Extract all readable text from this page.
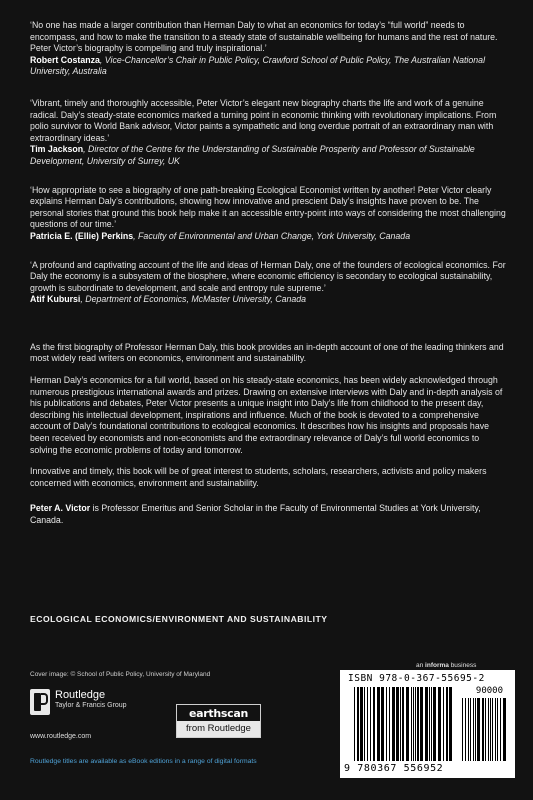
‘No one has made a larger contribution than Herman Daly to what an economics for today’s “full world” needs to encompass, and how to make the transition to a steady state of sustainable wellbeing for humans and the rest of nature. Peter Victor’s biography is compelling and truly inspirational.’
Robert Costanza, Vice-Chancellor’s Chair in Public Policy, Crawford School of Public Policy, The Australian National University, Australia

‘Vibrant, timely and thoroughly accessible, Peter Victor’s elegant new biography charts the life and work of a genuine radical. Daly’s steady-state economics marked a turning point in economic thinking with revolutionary implications. From polio survivor to World Bank advisor, Victor paints a sympathetic and long overdue portrait of an extraordinary man with extraordinary ideas.’
Tim Jackson, Director of the Centre for the Understanding of Sustainable Prosperity and Professor of Sustainable Development, University of Surrey, UK

‘How appropriate to see a biography of one path-breaking Ecological Economist written by another! Peter Victor clearly explains Herman Daly’s contributions, showing how innovative and prescient Daly’s insights have proven to be. The personal stories that ground this book help make it an accessible entry-point into ways of considering the most challenging questions of our time.’
Patricia E. (Ellie) Perkins, Faculty of Environmental and Urban Change, York University, Canada

‘A profound and captivating account of the life and ideas of Herman Daly, one of the founders of ecological economics. For Daly the economy is a subsystem of the biosphere, where economic efficiency is secondary to ecological sustainability, growth is subordinate to development, and scale and entropy rule supreme.’
Atif Kubursi, Department of Economics, McMaster University, Canada

As the first biography of Professor Herman Daly, this book provides an in-depth account of one of the leading thinkers and most widely read writers on economics, environment and sustainability.

Herman Daly’s economics for a full world, based on his steady-state economics, has been widely acknowledged through numerous prestigious international awards and prizes. Drawing on extensive interviews with Daly and in-depth analysis of his publications and debates, Peter Victor presents a unique insight into Daly’s life from childhood to the present day, describing his intellectual development, inspirations and influence. Much of the book is devoted to a comprehensive account of Daly’s foundational contributions to ecological economics. It describes how his insights and proposals have been received by economists and non-economists and the extraordinary relevance of Daly’s full world economics to solving the economic problems of today and tomorrow.

Innovative and timely, this book will be of great interest to students, scholars, researchers, activists and policy makers concerned with economics, environment and sustainability.

Peter A. Victor is Professor Emeritus and Senior Scholar in the Faculty of Environmental Studies at York University, Canada.

ECOLOGICAL ECONOMICS/ENVIRONMENT AND SUSTAINABILITY
Cover image: © School of Public Policy, University of Maryland
Routledge
Taylor & Francis Group
www.routledge.com
earthscan
from Routledge
Routledge titles are available as eBook editions in a range of digital formats
an informa business
ISBN 978-0-367-55695-2
90000
9 780367 556952
